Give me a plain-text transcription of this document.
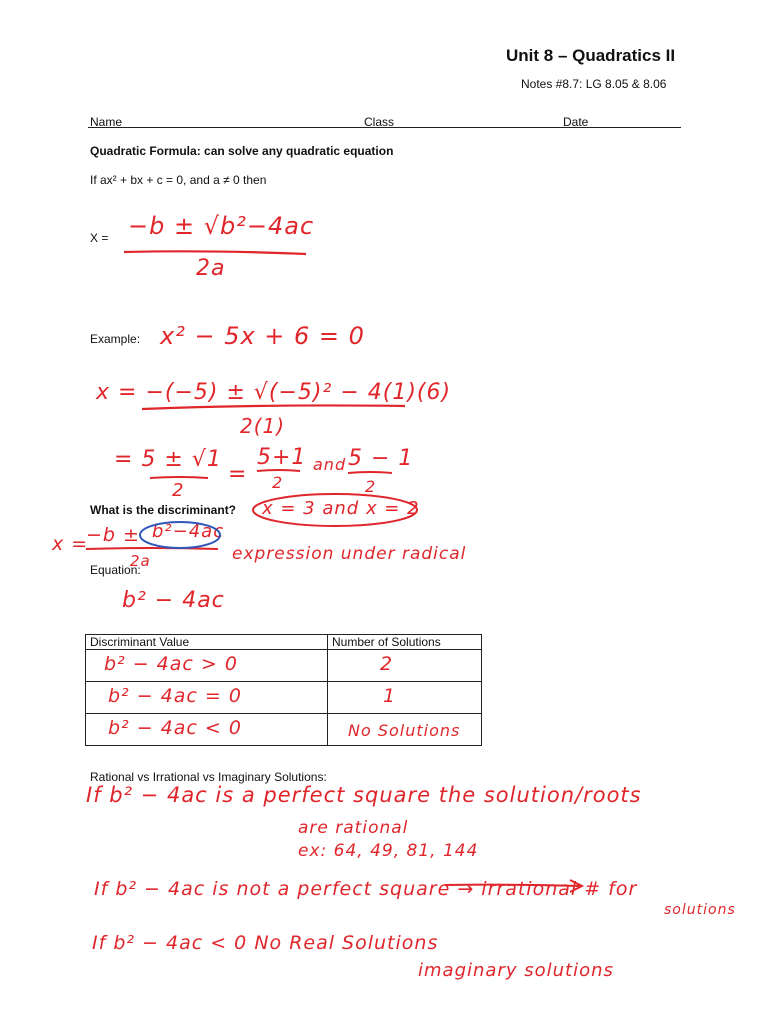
Unit 8 – Quadratics II
Notes #8.7: LG 8.05 & 8.06
Name	Class	Date
Quadratic Formula: can solve any quadratic equation
If ax² + bx + c = 0, and a ≠ 0 then
X = −b ± √b²−4ac
2a
Example: x² − 5x + 6 = 0
x = −(−5) ± √(−5)² − 4(1)(6)
2(1)
= 5 ± √1
2
=
5+1
2
and 5 − 1
2
x = 3 and x = 2
What is the discriminant?
x =
−b ± b²−4ac
2a	expression under radical
Equation:
b² − 4ac
Discriminant Value	Number of Solutions

b² − 4ac > 0	2

b² − 4ac = 0	1

b² − 4ac < 0	No Solutions
Rational vs Irrational vs Imaginary Solutions:
If b² − 4ac is a perfect square the solution/roots
are rational
ex: 64, 49, 81, 144
If b² − 4ac is not a perfect square → irrational # for
solutions
If b² − 4ac < 0 No Real Solutions
imaginary solutions
